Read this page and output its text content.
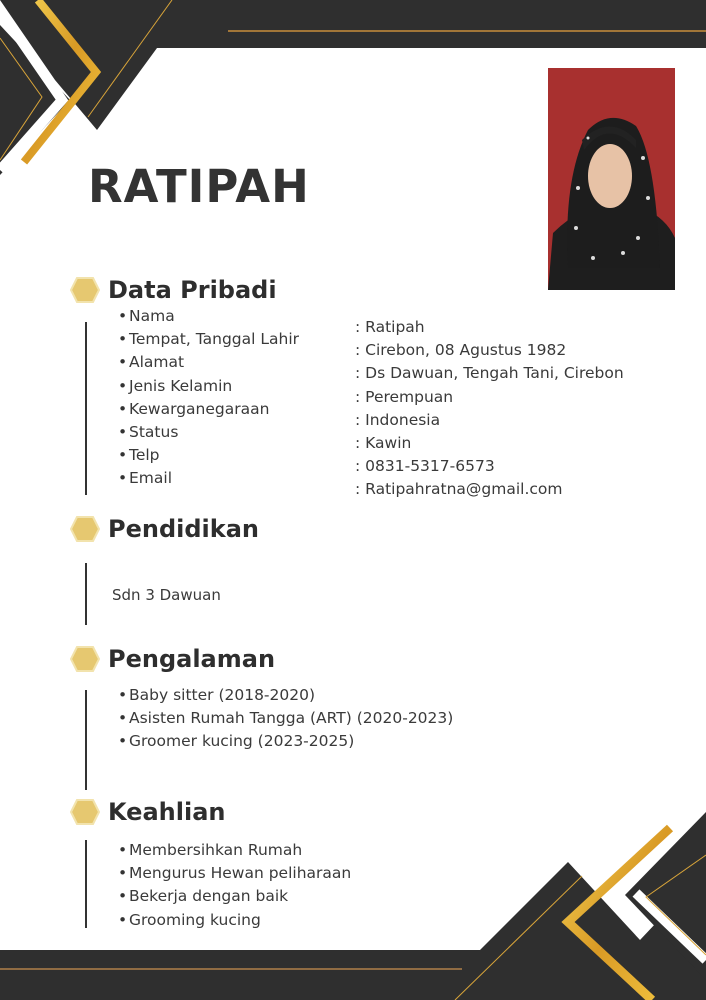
RATIPAH
Data Pribadi
• Nama
• Tempat, Tanggal Lahir
• Alamat
• Jenis Kelamin
• Kewarganegaraan
• Status
• Telp
• Email
: Ratipah
: Cirebon, 08 Agustus 1982
: Ds Dawuan, Tengah Tani, Cirebon
: Perempuan
: Indonesia
: Kawin
: 0831-5317-6573
: Ratipahratna@gmail.com
Pendidikan
Sdn 3 Dawuan
Pengalaman
• Baby sitter (2018-2020)
• Asisten Rumah Tangga (ART) (2020-2023)
• Groomer kucing (2023-2025)
Keahlian
• Membersihkan Rumah
• Mengurus Hewan peliharaan
• Bekerja dengan baik
• Grooming kucing
